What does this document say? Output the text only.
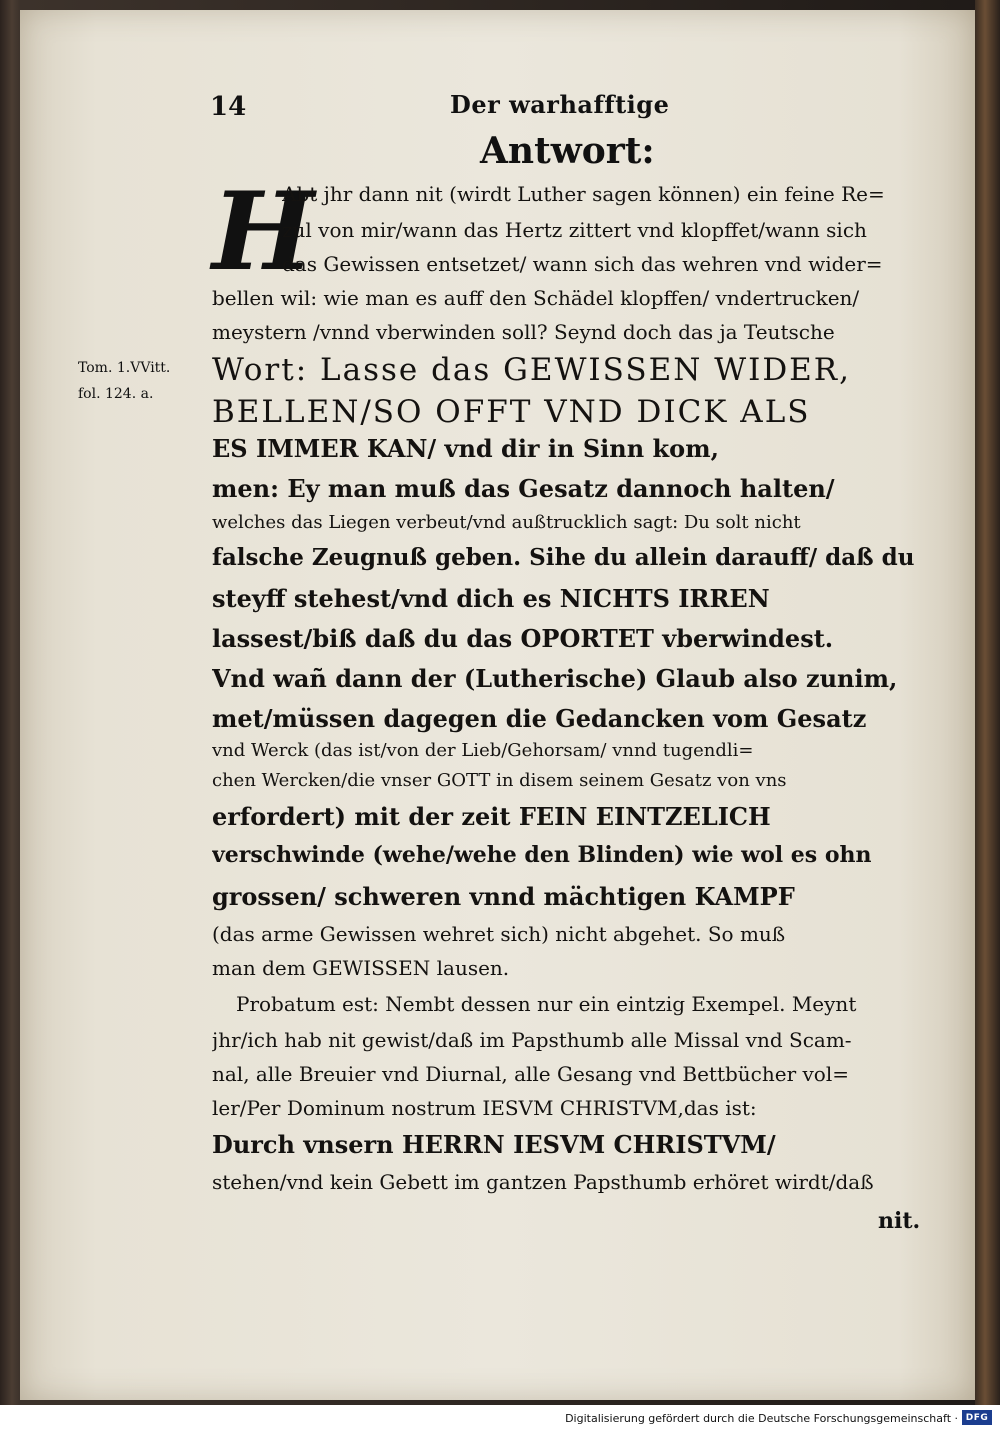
14	Der warhafftige
Antwort:
H
Tom. 1.VVitt.
fol. 124. a.
Abt jhr dann nit (wirdt Luther sagen können) ein feine Re=
zul von mir/wann das Hertz zittert vnd klopffet/wann sich
das Gewissen entsetzet/ wann sich das wehren vnd wider=
bellen wil: wie man es auff den Schädel klopffen/ vndertrucken/
meystern /vnnd vberwinden soll? Seynd doch das ja Teutsche
Wort: Lasse das GEWISSEN WIDER,
BELLEN/SO OFFT VND DICK ALS
ES IMMER KAN/ vnd dir in Sinn kom,
men: Ey man muß das Gesatz dannoch halten/
welches das Liegen verbeut/vnd außtrucklich sagt: Du solt nicht
falsche Zeugnuß geben. Sihe du allein darauff/ daß du
steyff stehest/vnd dich es NICHTS IRREN
lassest/biß daß du das OPORTET vberwindest.
Vnd wañ dann der (Lutherische) Glaub also zunim,
met/müssen dagegen die Gedancken vom Gesatz
vnd Werck (das ist/von der Lieb/Gehorsam/ vnnd tugendli=
chen Wercken/die vnser GOTT in disem seinem Gesatz von vns
erfordert) mit der zeit FEIN EINTZELICH
verschwinde (wehe/wehe den Blinden) wie wol es ohn
grossen/ schweren vnnd mächtigen KAMPF
(das arme Gewissen wehret sich) nicht abgehet. So muß
man dem GEWISSEN lausen.
Probatum est: Nembt dessen nur ein eintzig Exempel. Meynt
jhr/ich hab nit gewist/daß im Papsthumb alle Missal vnd Scam-
nal, alle Breuier vnd Diurnal, alle Gesang vnd Bettbücher vol=
ler/Per Dominum nostrum IESVM CHRISTVM,das ist:
Durch vnsern HERRN IESVM CHRISTVM/
stehen/vnd kein Gebett im gantzen Papsthumb erhöret wirdt/daß
nit.
Digitalisierung gefördert durch die Deutsche Forschungsgemeinschaft · DFG
